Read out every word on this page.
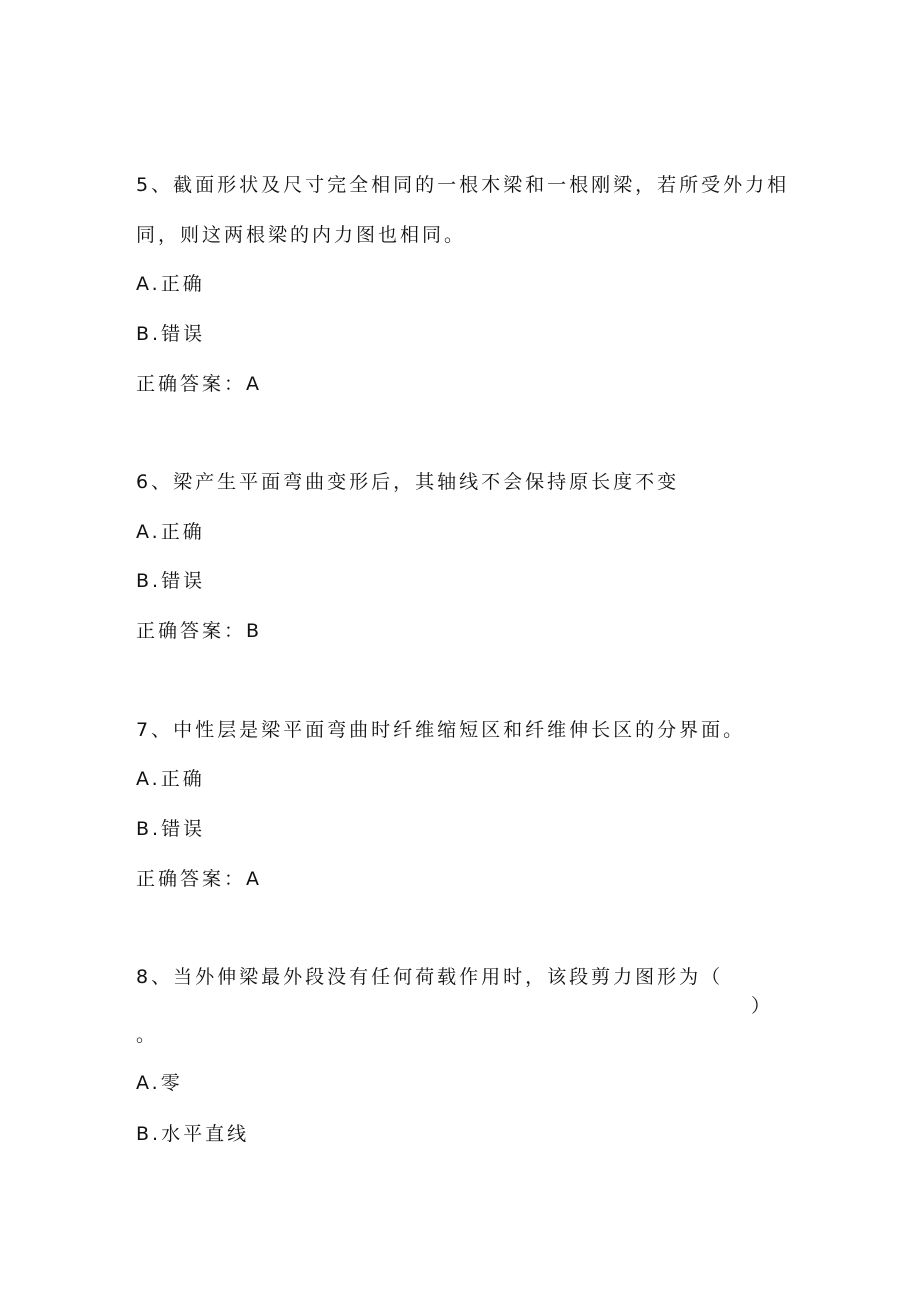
5、截面形状及尺寸完全相同的一根木梁和一根刚梁，若所受外力相
同，则这两根梁的内力图也相同。
A.正确
B.错误
正确答案：A
6、梁产生平面弯曲变形后，其轴线不会保持原长度不变
A.正确
B.错误
正确答案：B
7、中性层是梁平面弯曲时纤维缩短区和纤维伸长区的分界面。
A.正确
B.错误
正确答案：A
8、当外伸梁最外段没有任何荷载作用时，该段剪力图形为（
）
。
A.零
B.水平直线
